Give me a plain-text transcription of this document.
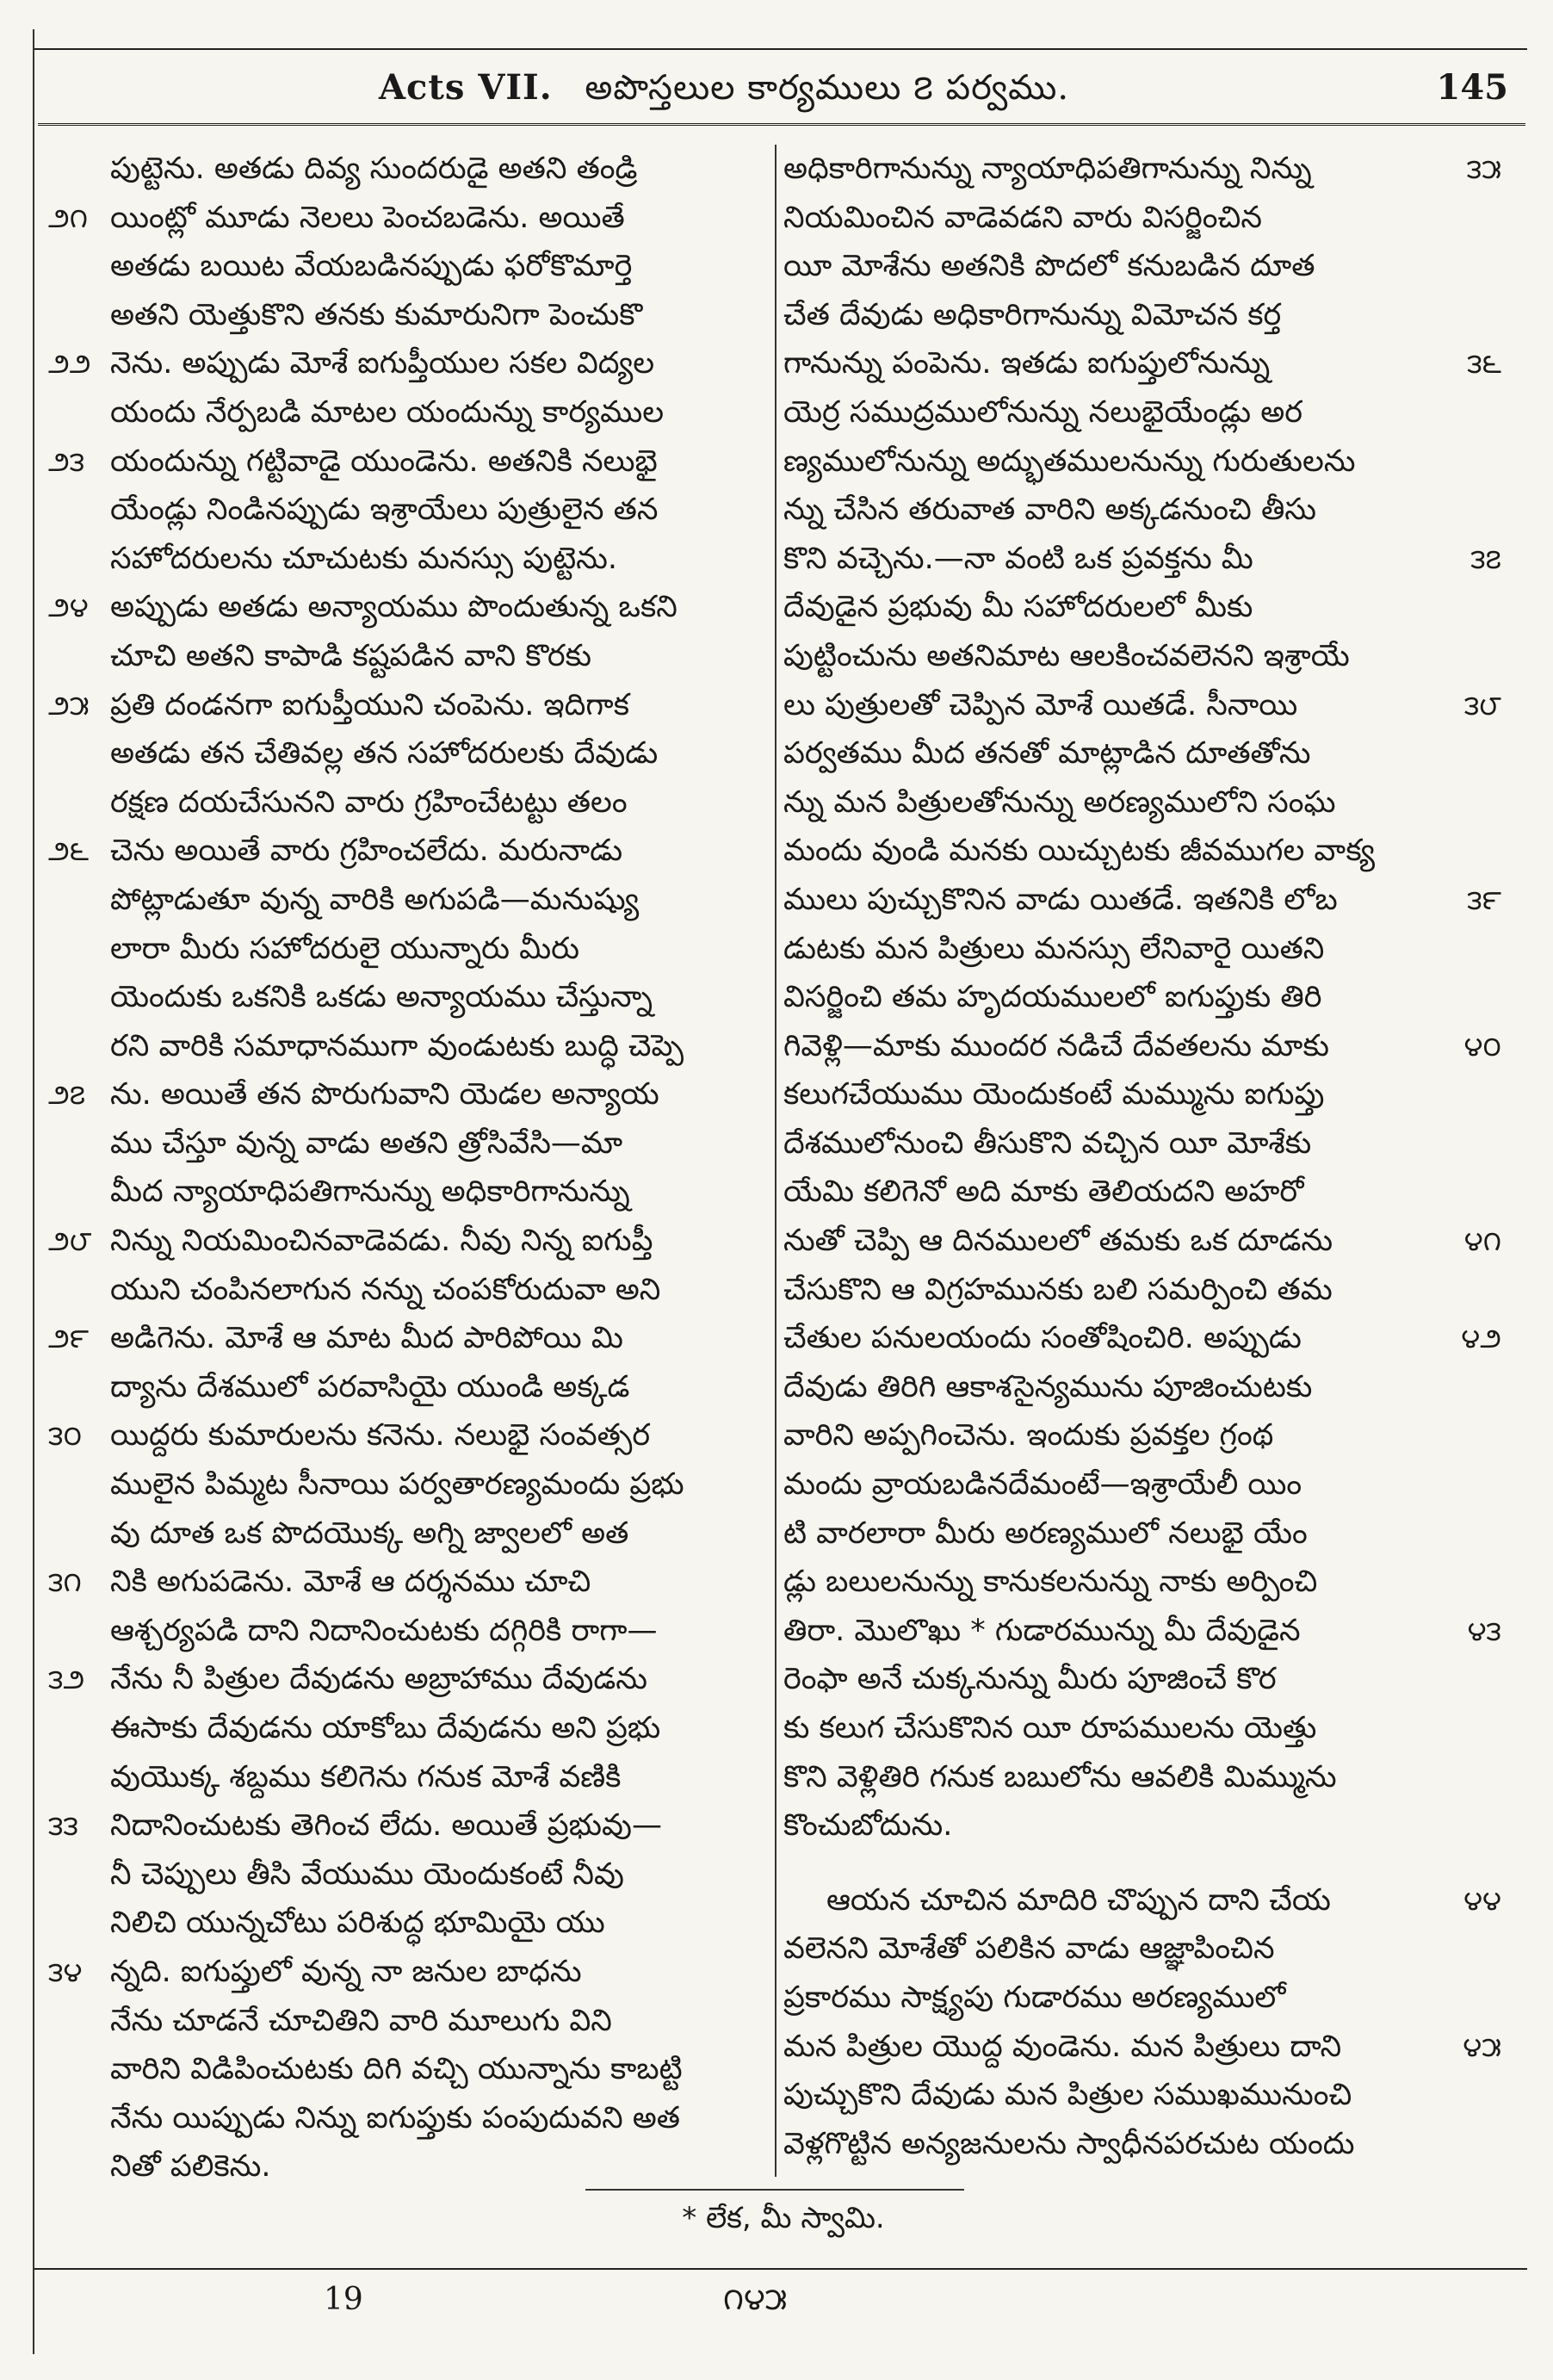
Acts VII. అపొస్తలుల కార్యములు ౭ పర్వము.	145
పుట్టెను. అతడు దివ్య సుందరుడై అతని తండ్రి
౨౧ యింట్లో మూడు నెలలు పెంచబడెను. అయితే
అతడు బయిట వేయబడినప్పుడు ఫరోకొమార్తె
అతని యెత్తుకొని తనకు కుమారునిగా పెంచుకొ
౨౨ నెను. అప్పుడు మోశే ఐగుప్తీయుల సకల విద్యల
యందు నేర్పబడి మాటల యందున్ను కార్యముల
౨౩ యందున్ను గట్టివాడై యుండెను. అతనికి నలుభై
యేండ్లు నిండినప్పుడు ఇశ్రాయేలు పుత్రులైన తన
సహోదరులను చూచుటకు మనస్సు పుట్టెను.
౨౪ అప్పుడు అతడు అన్యాయము పొందుతున్న ఒకని
చూచి అతని కాపాడి కష్టపడిన వాని కొరకు
౨౫ ప్రతి దండనగా ఐగుప్తీయుని చంపెను. ఇదిగాక
అతడు తన చేతివల్ల తన సహోదరులకు దేవుడు
రక్షణ దయచేసునని వారు గ్రహించేటట్టు తలం
౨౬ చెను అయితే వారు గ్రహించలేదు. మరునాడు
పోట్లాడుతూ వున్న వారికి అగుపడి—మనుష్యు
లారా మీరు సహోదరులై యున్నారు మీరు
యెందుకు ఒకనికి ఒకడు అన్యాయము చేస్తున్నా
రని వారికి సమాధానముగా వుండుటకు బుద్ధి చెప్పె
౨౭ ను. అయితే తన పొరుగువాని యెడల అన్యాయ
ము చేస్తూ వున్న వాడు అతని త్రోసివేసి—మా
మీద న్యాయాధిపతిగానున్ను అధికారిగానున్ను
౨౮ నిన్ను నియమించినవాడెవడు. నీవు నిన్న ఐగుప్తీ
యుని చంపినలాగున నన్ను చంపకోరుదువా అని
౨౯ అడిగెను. మోశే ఆ మాట మీద పారిపోయి మి
ద్యాను దేశములో పరవాసియై యుండి అక్కడ
౩౦ యిద్దరు కుమారులను కనెను. నలుభై సంవత్సర
ములైన పిమ్మట సీనాయి పర్వతారణ్యమందు ప్రభు
వు దూత ఒక పొదయొక్క అగ్ని జ్వాలలో అత
౩౧ నికి అగుపడెను. మోశే ఆ దర్శనము చూచి
ఆశ్చర్యపడి దాని నిదానించుటకు దగ్గిరికి రాగా—
౩౨ నేను నీ పిత్రుల దేవుడను అబ్రాహాము దేవుడను
ఈసాకు దేవుడను యాకోబు దేవుడను అని ప్రభు
వుయొక్క శబ్దము కలిగెను గనుక మోశే వణికి
౩౩	నిదానించుటకు తెగించ లేదు. అయితే ప్రభువు—
నీ చెప్పులు తీసి వేయుము యెందుకంటే నీవు
నిలిచి యున్నచోటు పరిశుద్ధ భూమియై యు
౩౪ న్నది. ఐగుప్తులో వున్న నా జనుల బాధను
నేను చూడనే చూచితిని వారి మూలుగు విని
వారిని విడిపించుటకు దిగి వచ్చి యున్నాను కాబట్టి
నేను యిప్పుడు నిన్ను ఐగుప్తుకు పంపుదువని అత
నితో పలికెను.
౩౫
అధికారిగానున్ను న్యాయాధిపతిగానున్ను నిన్ను
నియమించిన వాడెవడని వారు విసర్జించిన
యీ మోశేను అతనికి పొదలో కనుబడిన దూత
చేత దేవుడు అధికారిగానున్ను విమోచన కర్త
౩౬
గానున్ను పంపెను. ఇతడు ఐగుప్తులోనున్ను
యెర్ర సముద్రములోనున్ను నలుభైయేండ్లు అర
ణ్యములోనున్ను అద్భుతములనున్ను గురుతులను
న్ను చేసిన తరువాత వారిని అక్కడనుంచి తీసు
౩౭
కొని వచ్చెను.—నా వంటి ఒక ప్రవక్తను మీ
దేవుడైన ప్రభువు మీ సహోదరులలో మీకు
పుట్టించును అతనిమాట ఆలకించవలెనని ఇశ్రాయే
౩౮
లు పుత్రులతో చెప్పిన మోశే యితడే. సీనాయి
పర్వతము మీద తనతో మాట్లాడిన దూతతోను
న్ను మన పిత్రులతోనున్ను అరణ్యములోని సంఘ
మందు వుండి మనకు యిచ్చుటకు జీవముగల వాక్య
౩౯
ములు పుచ్చుకొనిన వాడు యితడే. ఇతనికి లోబ
డుటకు మన పిత్రులు మనస్సు లేనివారై యితని
విసర్జించి తమ హృదయములలో ఐగుప్తుకు తిరి
౪౦
గివెళ్లి—మాకు ముందర నడిచే దేవతలను మాకు
కలుగచేయుము యెందుకంటే మమ్మును ఐగుప్తు
దేశములోనుంచి తీసుకొని వచ్చిన యీ మోశేకు
యేమి కలిగెనో అది మాకు తెలియదని అహరో
౪౧
నుతో చెప్పి ఆ దినములలో తమకు ఒక దూడను
చేసుకొని ఆ విగ్రహమునకు బలి సమర్పించి తమ
౪౨
చేతుల పనులయందు సంతోషించిరి. అప్పుడు
దేవుడు తిరిగి ఆకాశసైన్యమును పూజించుటకు
వారిని అప్పగించెను. ఇందుకు ప్రవక్తల గ్రంథ
మందు వ్రాయబడినదేమంటే—ఇశ్రాయేలీ యిం
టి వారలారా మీరు అరణ్యములో నలుభై యేం
డ్లు బలులనున్ను కానుకలనున్ను నాకు అర్పించి
౪౩
తిరా. మొలొఖు * గుడారమున్ను మీ దేవుడైన
రెంఫా అనే చుక్కనున్ను మీరు పూజించే కొర
కు కలుగ చేసుకొనిన యీ రూపములను యెత్తు
కొని వెళ్లితిరి గనుక బబులోను ఆవలికి మిమ్మును
కొంచుబోదును.
౪౪
ఆయన చూచిన మాదిరి చొప్పున దాని చేయ
వలెనని మోశేతో పలికిన వాడు ఆజ్ఞాపించిన
ప్రకారము సాక్ష్యపు గుడారము అరణ్యములో
౪౫
మన పిత్రుల యొద్ద వుండెను. మన పిత్రులు దాని
పుచ్చుకొని దేవుడు మన పిత్రుల సముఖమునుంచి
వెళ్లగొట్టిన అన్యజనులను స్వాధీనపరచుట యందు
* లేక, మీ స్వామి.
19	౧౪౫
